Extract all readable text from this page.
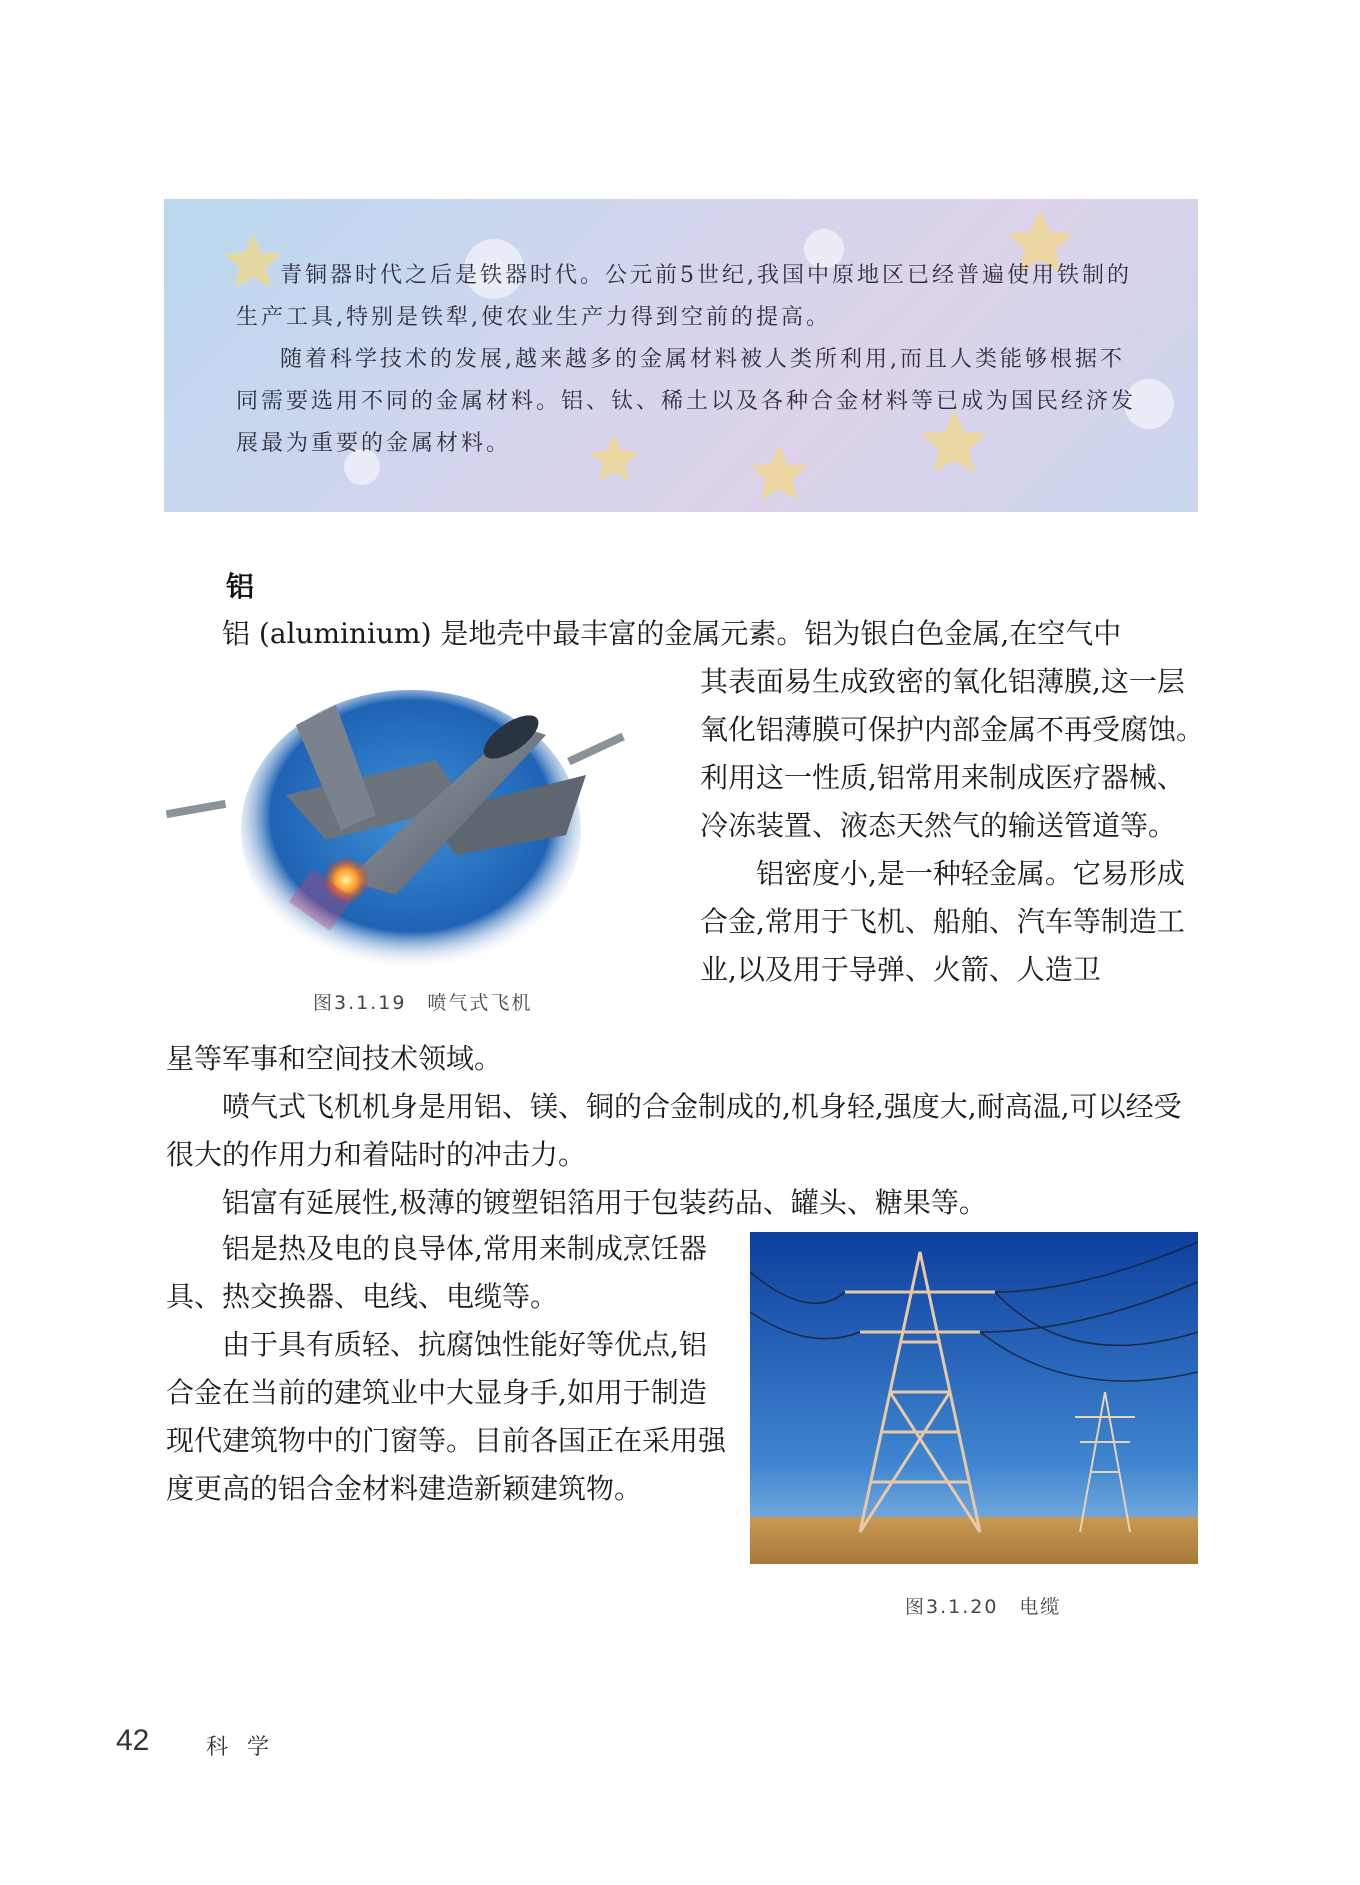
青铜器时代之后是铁器时代。公元前5世纪,我国中原地区已经普遍使用铁制的生产工具,特别是铁犁,使农业生产力得到空前的提高。

随着科学技术的发展,越来越多的金属材料被人类所利用,而且人类能够根据不同需要选用不同的金属材料。铝、钛、稀土以及各种合金材料等已成为国民经济发展最为重要的金属材料。

铝
铝 (aluminium) 是地壳中最丰富的金属元素。铝为银白色金属,在空气中

其表面易生成致密的氧化铝薄膜,这一层氧化铝薄膜可保护内部金属不再受腐蚀。利用这一性质,铝常用来制成医疗器械、冷冻装置、液态天然气的输送管道等。

铝密度小,是一种轻金属。它易形成合金,常用于飞机、船舶、汽车等制造工业,以及用于导弹、火箭、人造卫

图3.1.19　喷气式飞机

星等军事和空间技术领域。

喷气式飞机机身是用铝、镁、铜的合金制成的,机身轻,强度大,耐高温,可以经受很大的作用力和着陆时的冲击力。

铝富有延展性,极薄的镀塑铝箔用于包装药品、罐头、糖果等。

铝是热及电的良导体,常用来制成烹饪器具、热交换器、电线、电缆等。

由于具有质轻、抗腐蚀性能好等优点,铝合金在当前的建筑业中大显身手,如用于制造现代建筑物中的门窗等。目前各国正在采用强度更高的铝合金材料建造新颖建筑物。

图3.1.20　电缆
42	科 学
